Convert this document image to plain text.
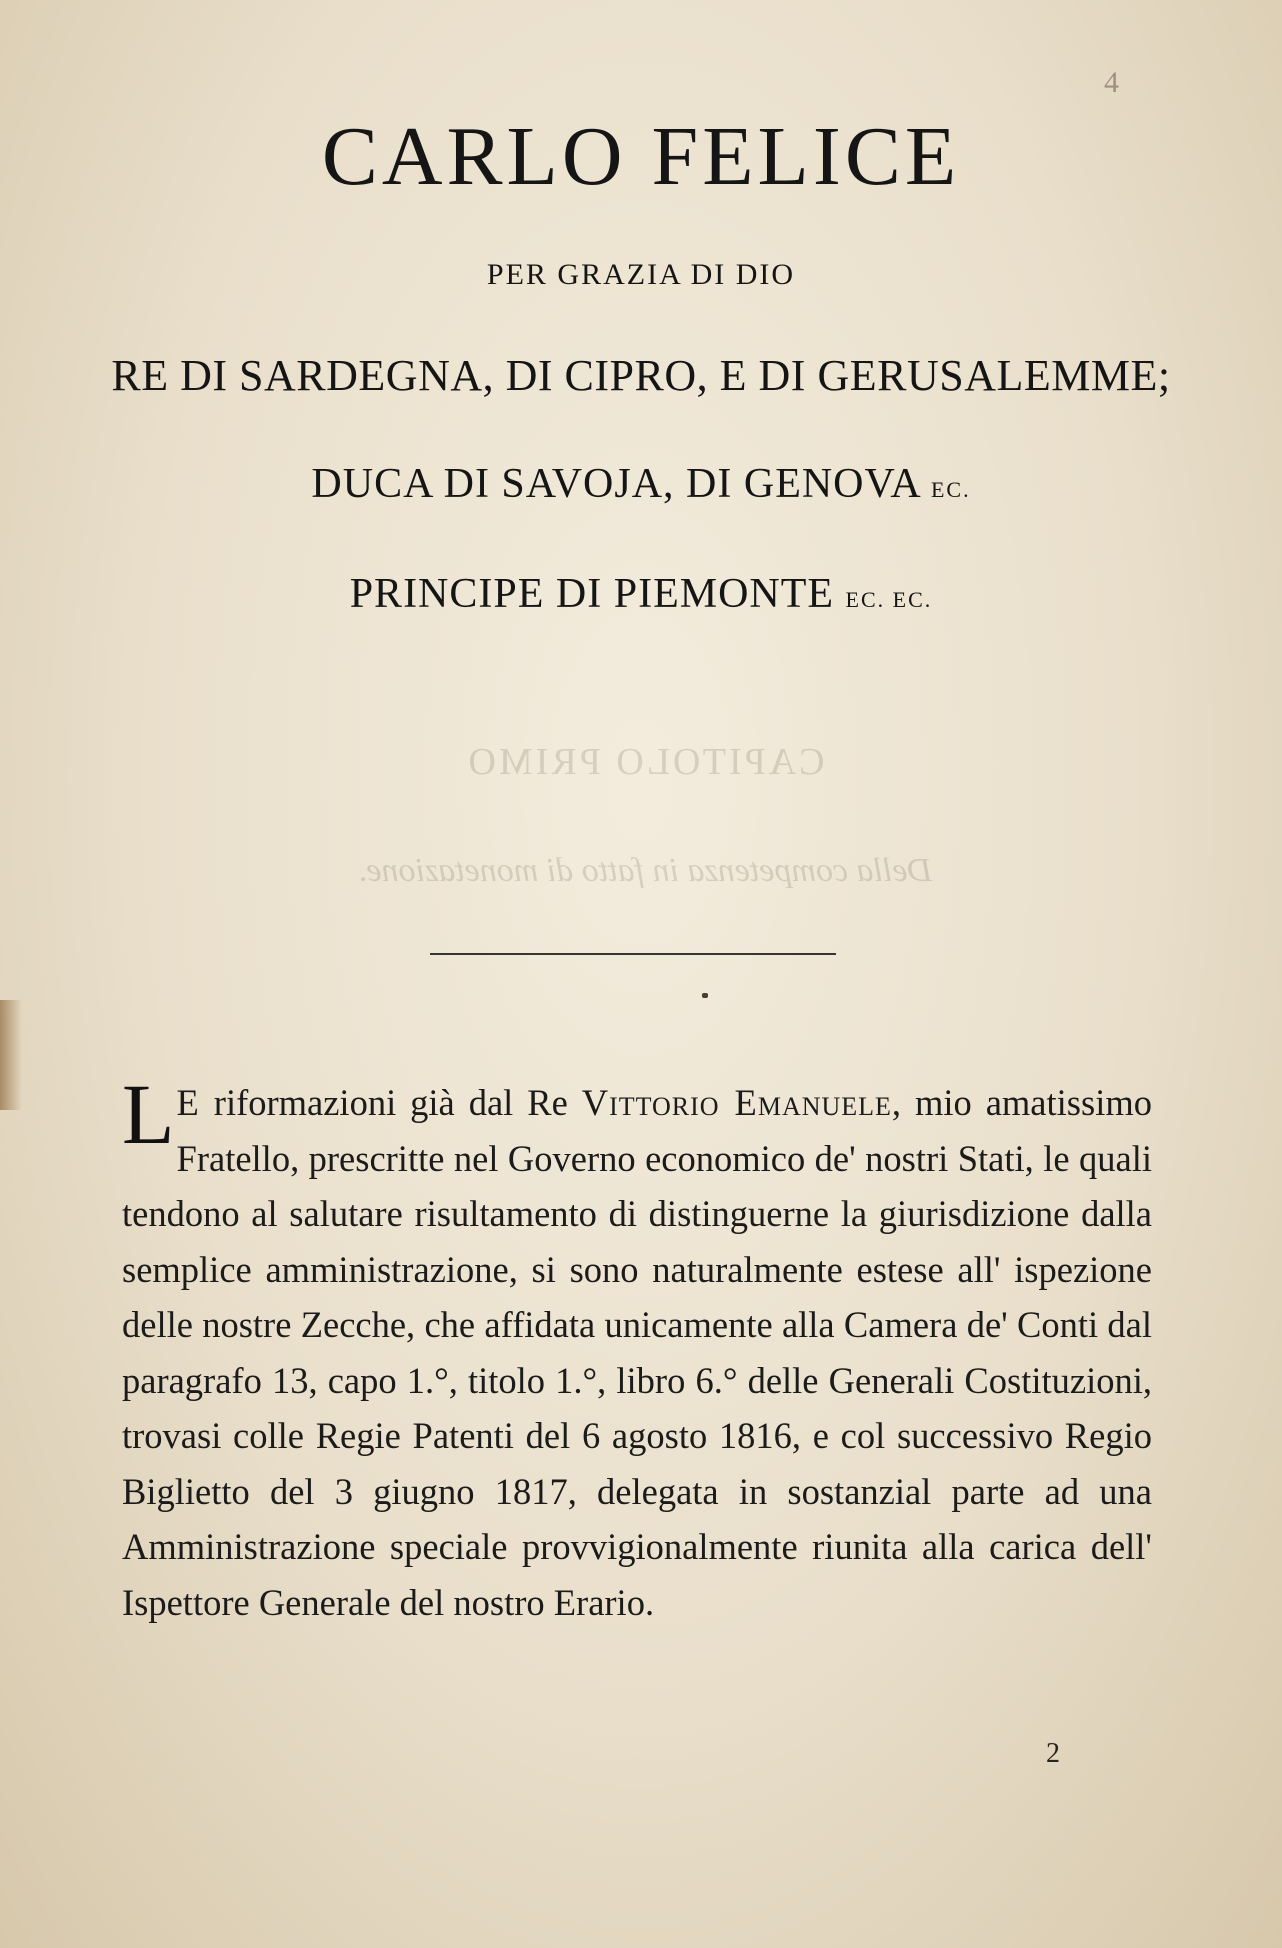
CAPITOLO PRIMO
Della competenza in fatto di monetazione.
4
CARLO FELICE
PER GRAZIA DI DIO
RE DI SARDEGNA, DI CIPRO, E DI GERUSALEMME;
DUCA DI SAVOJA, DI GENOVA EC.
PRINCIPE DI PIEMONTE EC. EC.
L E riformazioni già dal Re Vittorio Emanuele, mio amatissimo Fratello, prescritte nel Governo economico de' nostri Stati, le quali tendono al salutare risultamento di distinguerne la giurisdizione dalla semplice amministrazione, si sono naturalmente estese all' ispezione delle nostre Zecche, che affidata unicamente alla Camera de' Conti dal paragrafo 13, capo 1.°, titolo 1.°, libro 6.° delle Generali Costituzioni, trovasi colle Regie Patenti del 6 agosto 1816, e col successivo Regio Biglietto del 3 giugno 1817, delegata in sostanzial parte ad una Amministrazione speciale provvigionalmente riunita alla carica dell' Ispettore Generale del nostro Erario.
2
